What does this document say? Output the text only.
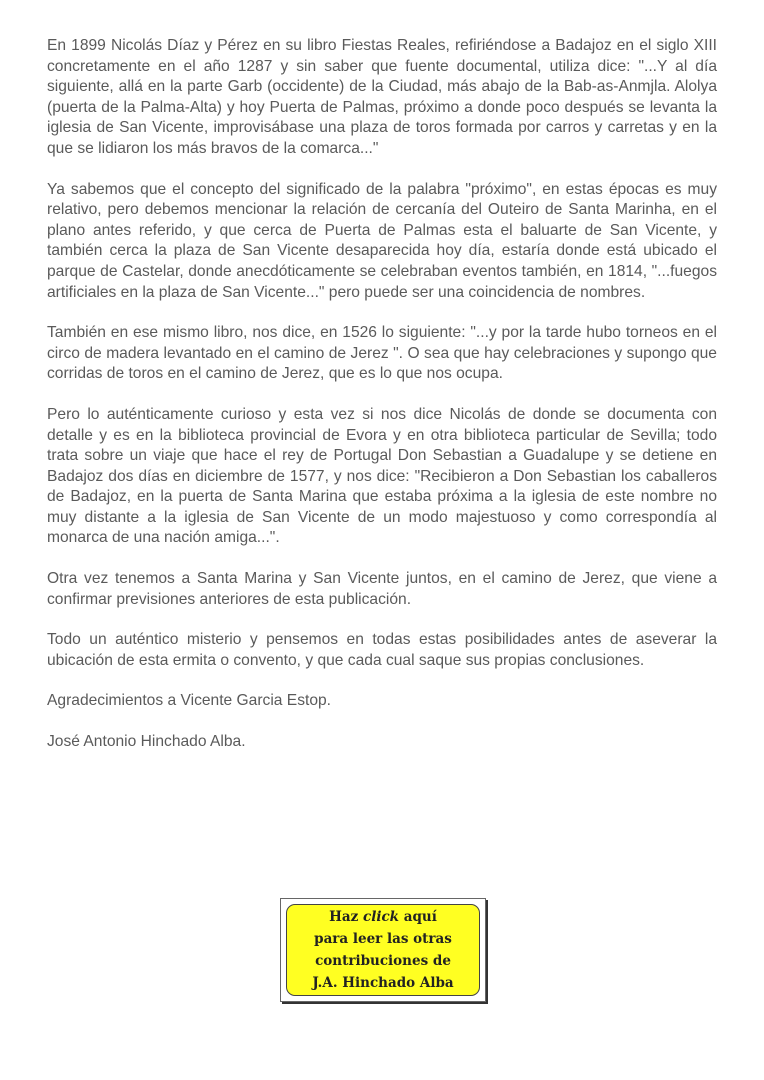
En 1899 Nicolás Díaz y Pérez en su libro Fiestas Reales, refiriéndose a Badajoz en el siglo XIII concretamente en el año 1287 y sin saber que fuente documental, utiliza dice: "...Y al día siguiente, allá en la parte Garb (occidente) de la Ciudad, más abajo de la Bab-as-Anmjla. Alolya (puerta de la Palma-Alta) y hoy Puerta de Palmas, próximo a donde poco después se levanta la iglesia de San Vicente, improvisábase una plaza de toros formada por carros y carretas y en la que se lidiaron los más bravos de la comarca..."

Ya sabemos que el concepto del significado de la palabra "próximo", en estas épocas es muy relativo, pero debemos mencionar la relación de cercanía del Outeiro de Santa Marinha, en el plano antes referido, y que cerca de Puerta de Palmas esta el baluarte de San Vicente, y también cerca la plaza de San Vicente desaparecida hoy día, estaría donde está ubicado el parque de Castelar, donde anecdóticamente se celebraban eventos también, en 1814, "...fuegos artificiales en la plaza de San Vicente..." pero puede ser una coincidencia de nombres.

También en ese mismo libro, nos dice, en 1526 lo siguiente: "...y por la tarde hubo torneos en el circo de madera levantado en el camino de Jerez ". O sea que hay celebraciones y supongo que corridas de toros en el camino de Jerez, que es lo que nos ocupa.

Pero lo auténticamente curioso y esta vez si nos dice Nicolás de donde se documenta con detalle y es en la biblioteca provincial de Evora y en otra biblioteca particular de Sevilla; todo trata sobre un viaje que hace el rey de Portugal Don Sebastian a Guadalupe y se detiene en Badajoz dos días en diciembre de 1577, y nos dice: "Recibieron a Don Sebastian los caballeros de Badajoz, en la puerta de Santa Marina que estaba próxima a la iglesia de este nombre no muy distante a la iglesia de San Vicente de un modo majestuoso y como correspondía al monarca de una nación amiga...".

Otra vez tenemos a Santa Marina y San Vicente juntos, en el camino de Jerez, que viene a confirmar previsiones anteriores de esta publicación.

Todo un auténtico misterio y pensemos en todas estas posibilidades antes de aseverar la ubicación de esta ermita o convento, y que cada cual saque sus propias conclusiones.

Agradecimientos a Vicente Garcia Estop.

José Antonio Hinchado Alba.

Haz click aquí
para leer las otras
contribuciones de
J.A. Hinchado Alba
